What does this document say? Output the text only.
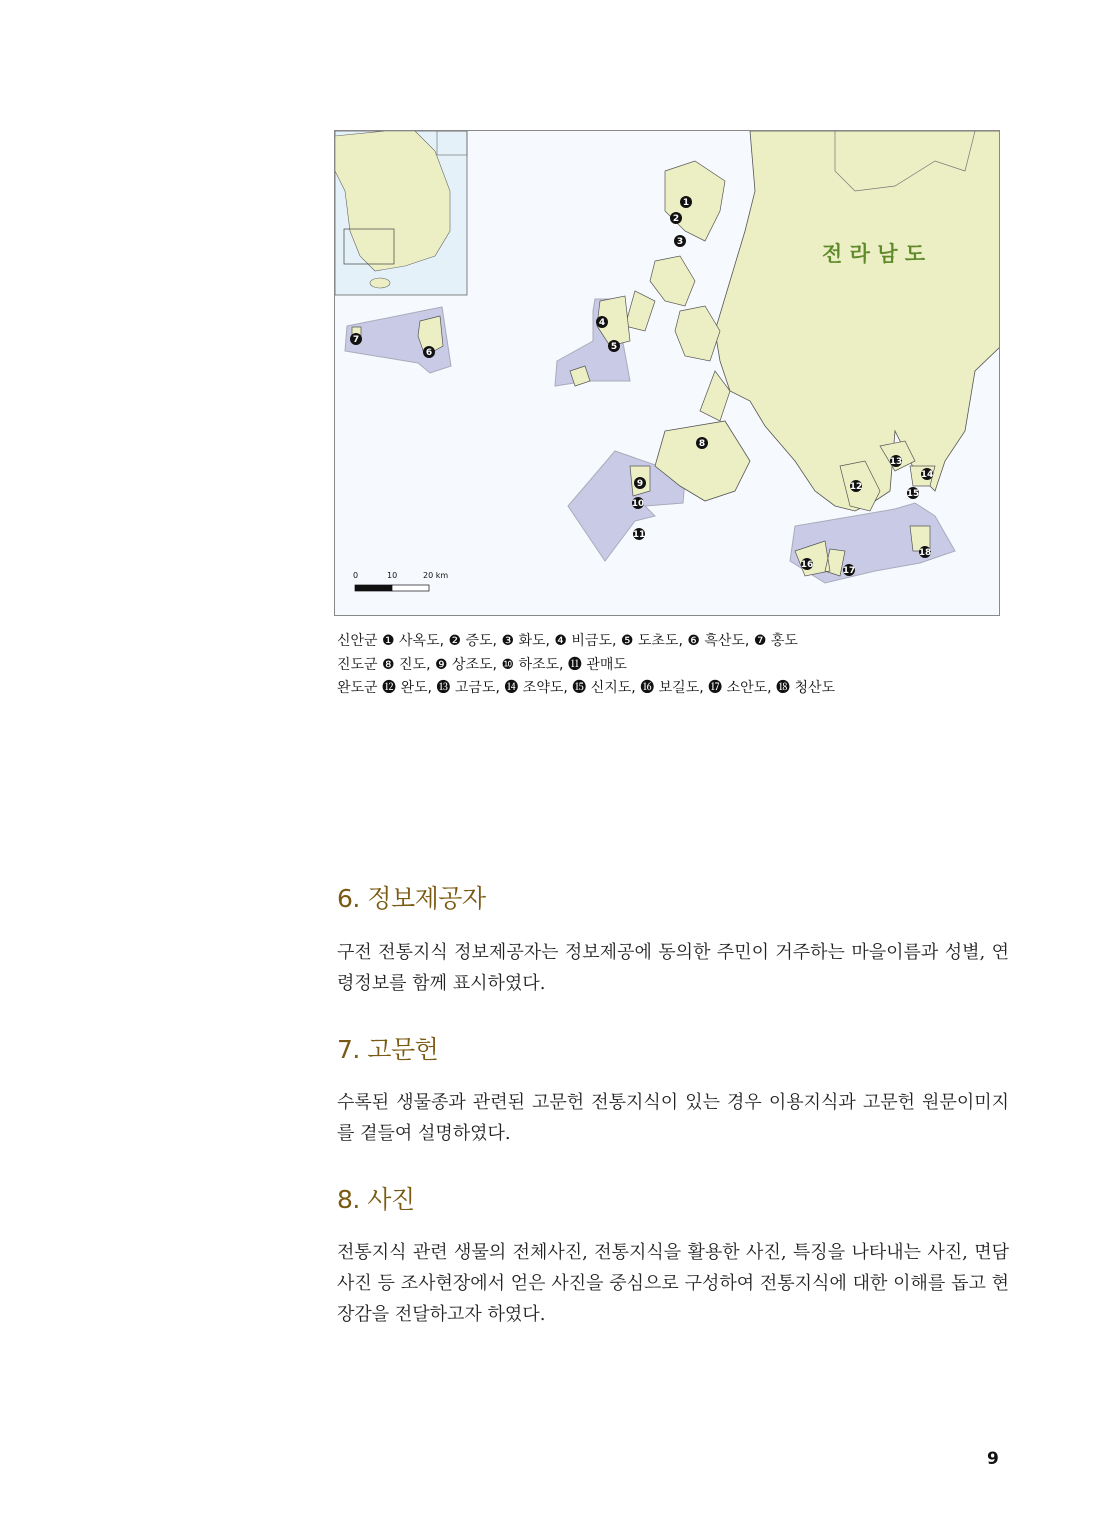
전 라 남 도
0	10	20 km
1
2
3
4
5
6
7
8
9
10
11
12
13
14
15
16
17
18
신안군 ❶ 사옥도, ❷ 증도, ❸ 화도, ❹ 비금도, ❺ 도초도, ❻ 흑산도, ❼ 홍도
진도군 ❽ 진도, ❾ 상조도, ❿ 하조도, ⓫ 관매도
완도군 ⓬ 완도, ⓭ 고금도, ⓮ 조약도, ⓯ 신지도, ⓰ 보길도, ⓱ 소안도, ⓲ 청산도
6. 정보제공자

구전 전통지식 정보제공자는 정보제공에 동의한 주민이 거주하는 마을이름과 성별, 연령정보를 함께 표시하였다.

7. 고문헌

수록된 생물종과 관련된 고문헌 전통지식이 있는 경우 이용지식과 고문헌 원문이미지를 곁들여 설명하였다.

8. 사진

전통지식 관련 생물의 전체사진, 전통지식을 활용한 사진, 특징을 나타내는 사진, 면담사진 등 조사현장에서 얻은 사진을 중심으로 구성하여 전통지식에 대한 이해를 돕고 현장감을 전달하고자 하였다.

9
